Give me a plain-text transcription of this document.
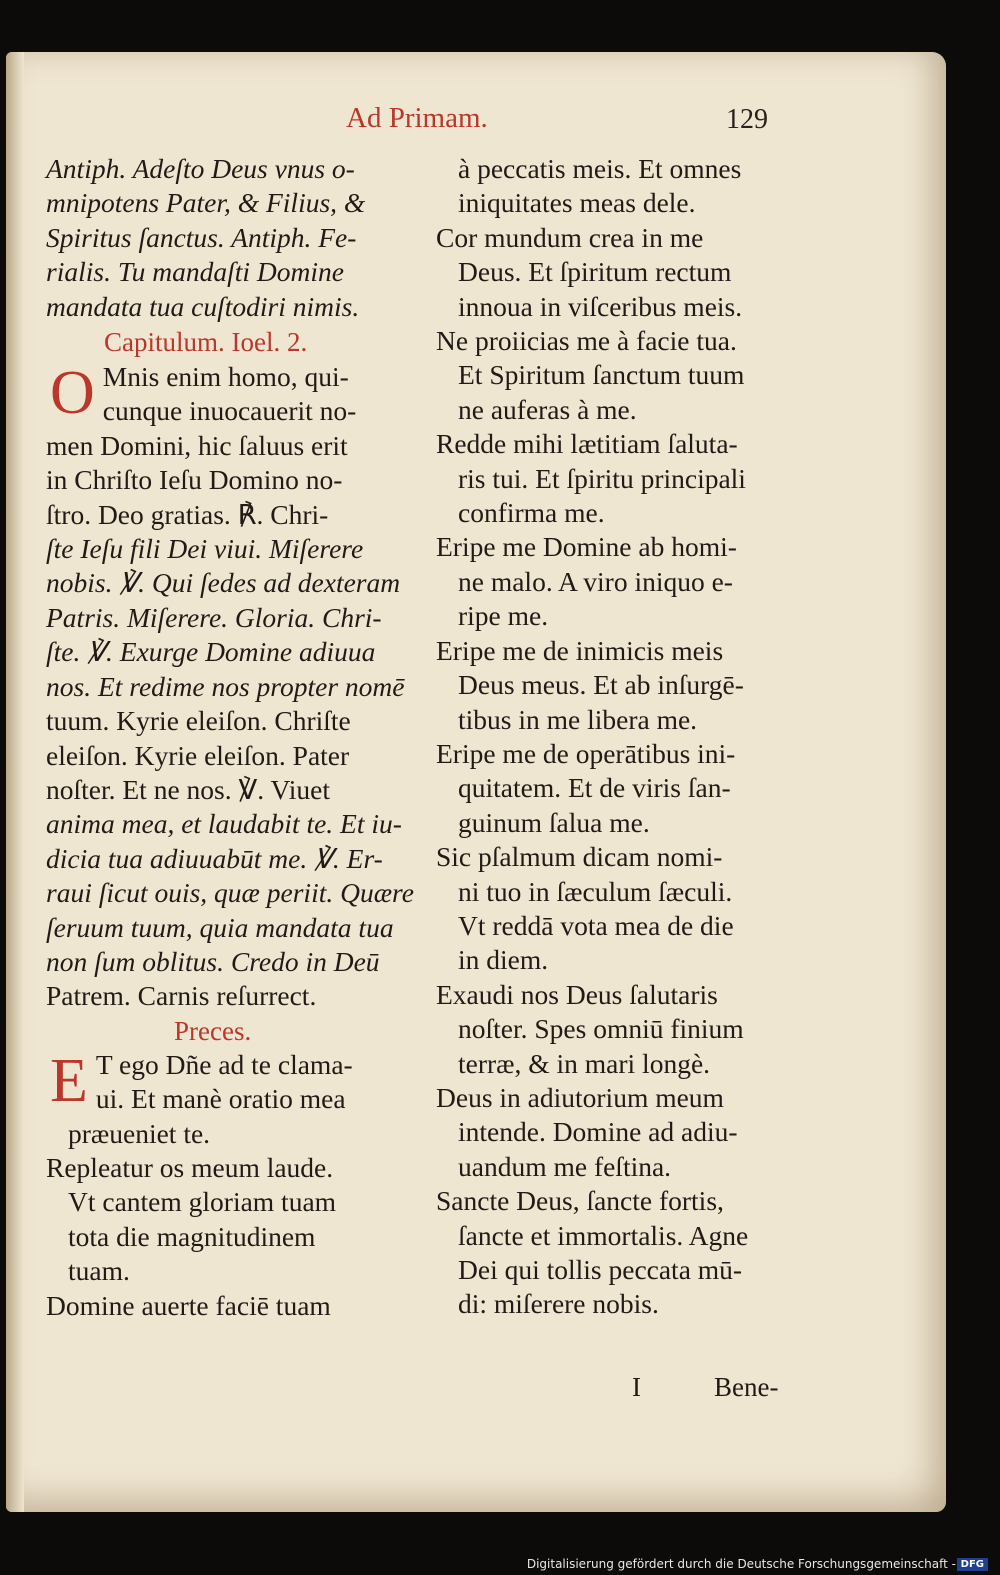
Ad Primam.	129
Antiph. Adeſto Deus vnus o-
mnipotens Pater, & Filius, &
Spiritus ſanctus. Antiph. Fe-
rialis. Tu mandaſti Domine
mandata tua cuſtodiri nimis.
Capitulum. Ioel. 2.
O Mnis enim homo, qui-
cunque inuocauerit no-
men Domini, hic ſaluus erit
in Chriſto Ieſu Domino no-
ſtro. Deo gratias. ℟. Chri-
ſte Ieſu fili Dei viui. Miſerere
nobis. ℣. Qui ſedes ad dexteram
Patris. Miſerere. Gloria. Chri-
ſte. ℣. Exurge Domine adiuua
nos. Et redime nos propter nomē
tuum. Kyrie eleiſon. Chriſte
eleiſon. Kyrie eleiſon. Pater
noſter. Et ne nos. ℣. Viuet
anima mea, et laudabit te. Et iu-
dicia tua adiuuabūt me. ℣. Er-
raui ſicut ouis, quæ periit. Quære
ſeruum tuum, quia mandata tua
non ſum oblitus. Credo in Deū
Patrem. Carnis reſurrect.
Preces.
E T ego Dñe ad te clama-
ui. Et manè oratio mea
præueniet te.
Repleatur os meum laude.
Vt cantem gloriam tuam
tota die magnitudinem
tuam.
Domine auerte faciē tuam
à peccatis meis. Et omnes
iniquitates meas dele.
Cor mundum crea in me
Deus. Et ſpiritum rectum
innoua in viſceribus meis.
Ne proiicias me à facie tua.
Et Spiritum ſanctum tuum
ne auferas à me.
Redde mihi lætitiam ſaluta-
ris tui. Et ſpiritu principali
confirma me.
Eripe me Domine ab homi-
ne malo. A viro iniquo e-
ripe me.
Eripe me de inimicis meis
Deus meus. Et ab inſurgē-
tibus in me libera me.
Eripe me de operātibus ini-
quitatem. Et de viris ſan-
guinum ſalua me.
Sic pſalmum dicam nomi-
ni tuo in ſæculum ſæculi.
Vt reddā vota mea de die
in diem.
Exaudi nos Deus ſalutaris
noſter. Spes omniū finium
terræ, & in mari longè.
Deus in adiutorium meum
intende. Domine ad adiu-
uandum me feſtina.
Sancte Deus, ſancte fortis,
ſancte et immortalis. Agne
Dei qui tollis peccata mū-
di: miſerere nobis.
I	Bene-
Digitalisierung gefördert durch die Deutsche Forschungsgemeinschaft - DFG
